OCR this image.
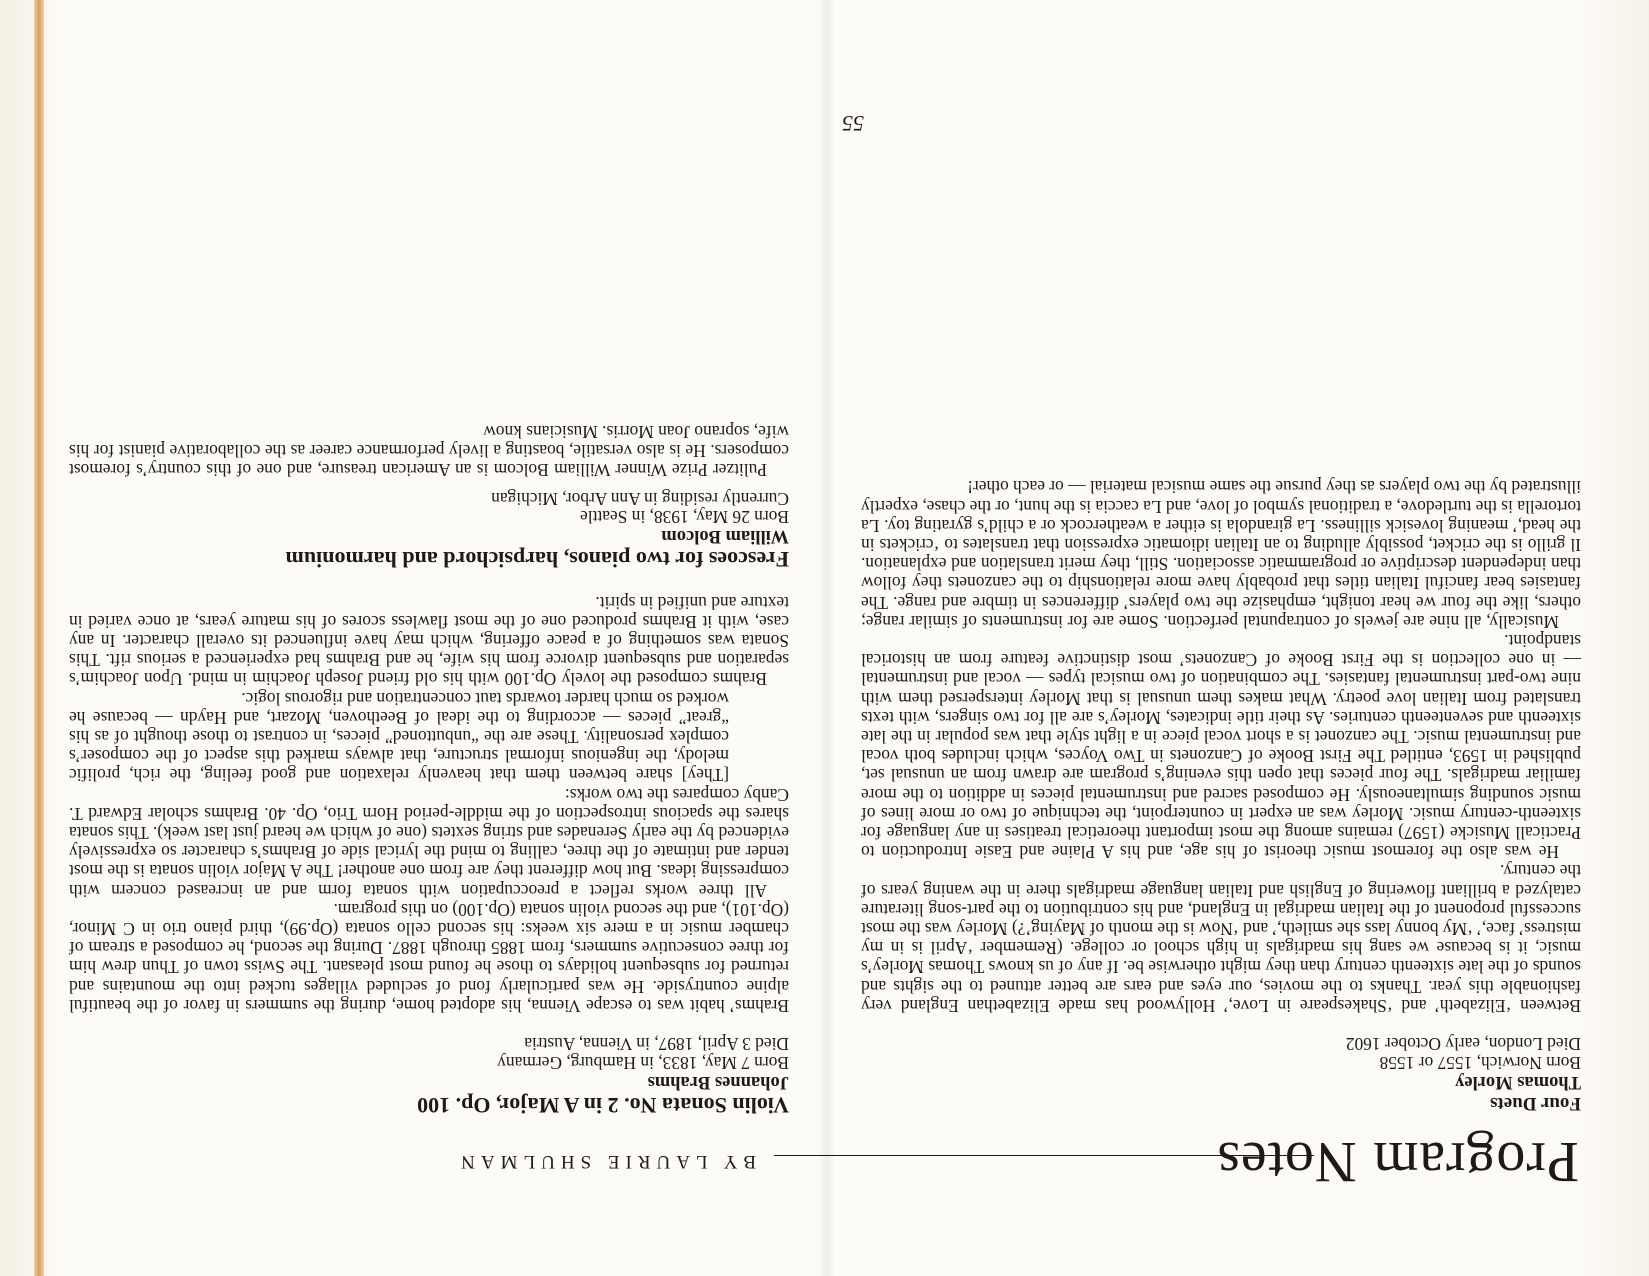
Program Notes
BY LAURIE SHULMAN
Four Duets
Thomas Morley
Born Norwich, 1557 or 1558
Died London, early October 1602

Between ‘Elizabeth’ and ‘Shakespeare in Love,’ Hollywood has made Elizabethan England very fashionable this year. Thanks to the movies, our eyes and ears are better attuned to the sights and sounds of the late sixteenth century than they might otherwise be. If any of us knows Thomas Morley’s music, it is because we sang his madrigals in high school or college. (Remember ‘April is in my mistress’ face,’ ‘My bonny lass she smileth,’ and ‘Now is the month of Maying’?) Morley was the most successful proponent of the Italian madrigal in England, and his contribution to the part-song literature catalyzed a brilliant flowering of English and Italian language madrigals there in the waning years of the century.

He was also the foremost music theorist of his age, and his A Plaine and Easie Introduction to Practicall Musicke (1597) remains among the most important theoretical treatises in any language for sixteenth-century music. Morley was an expert in counterpoint, the technique of two or more lines of music sounding simultaneously. He composed sacred and instrumental pieces in addition to the more familiar madrigals. The four pieces that open this evening’s program are drawn from an unusual set, published in 1593, entitled The First Booke of Canzonets in Two Voyces, which includes both vocal and instrumental music. The canzonet is a short vocal piece in a light style that was popular in the late sixteenth and seventeenth centuries. As their title indicates, Morley’s are all for two singers, with texts translated from Italian love poetry. What makes them unusual is that Morley interspersed them with nine two-part instrumental fantasies. The combination of two musical types — vocal and instrumental — in one collection is the First Booke of Canzonets’ most distinctive feature from an historical standpoint.

Musically, all nine are jewels of contrapuntal perfection. Some are for instruments of similar range; others, like the four we hear tonight, emphasize the two players’ differences in timbre and range. The fantasies bear fanciful Italian titles that probably have more relationship to the canzonets they follow than independent descriptive or programmatic association. Still, they merit translation and explanation. Il grillo is the cricket, possibly alluding to an Italian idiomatic expression that translates to ‘crickets in the head,’ meaning lovesick silliness. La girandola is either a weathercock or a child’s gyrating toy. La tortorella is the turtledove, a traditional symbol of love, and La caccia is the hunt, or the chase, expertly illustrated by the two players as they pursue the same musical material — or each other!

Violin Sonata No. 2 in A Major, Op. 100
Johannes Brahms
Born 7 May, 1833, in Hamburg, Germany
Died 3 April, 1897, in Vienna, Austria

Brahms’ habit was to escape Vienna, his adopted home, during the summers in favor of the beautiful alpine countryside. He was particularly fond of secluded villages tucked into the mountains and returned for subsequent holidays to those he found most pleasant. The Swiss town of Thun drew him for three consecutive summers, from 1885 through 1887. During the second, he composed a stream of chamber music in a mere six weeks: his second cello sonata (Op.99), third piano trio in C Minor, (Op.101), and the second violin sonata (Op.100) on this program.

All three works reflect a preoccupation with sonata form and an increased concern with compressing ideas. But how different they are from one another! The A Major violin sonata is the most tender and intimate of the three, calling to mind the lyrical side of Brahms’s character so expressively evidenced by the early Serenades and string sextets (one of which we heard just last week). This sonata shares the spacious introspection of the middle-period Horn Trio, Op. 40. Brahms scholar Edward T. Canby compares the two works:

[They] share between them that heavenly relaxation and good feeling, the rich, prolific melody, the ingenious informal structure, that always marked this aspect of the composer’s complex personality. These are the “unbuttoned” pieces, in contrast to those thought of as his “great” pieces — according to the ideal of Beethoven, Mozart, and Haydn — because he worked so much harder towards taut concentration and rigorous logic.

Brahms composed the lovely Op.100 with his old friend Joseph Joachim in mind. Upon Joachim’s separation and subsequent divorce from his wife, he and Brahms had experienced a serious rift. This Sonata was something of a peace offering, which may have influenced its overall character. In any case, with it Brahms produced one of the most flawless scores of his mature years, at once varied in texture and unified in spirit.

Frescoes for two pianos, harpsichord and harmonium
William Bolcom
Born 26 May, 1938, in Seattle
Currently residing in Ann Arbor, Michigan

Pulitzer Prize Winner William Bolcom is an American treasure, and one of this country’s foremost composers. He is also versatile, boasting a lively performance career as the collaborative pianist for his wife, soprano Joan Morris. Musicians know

55
